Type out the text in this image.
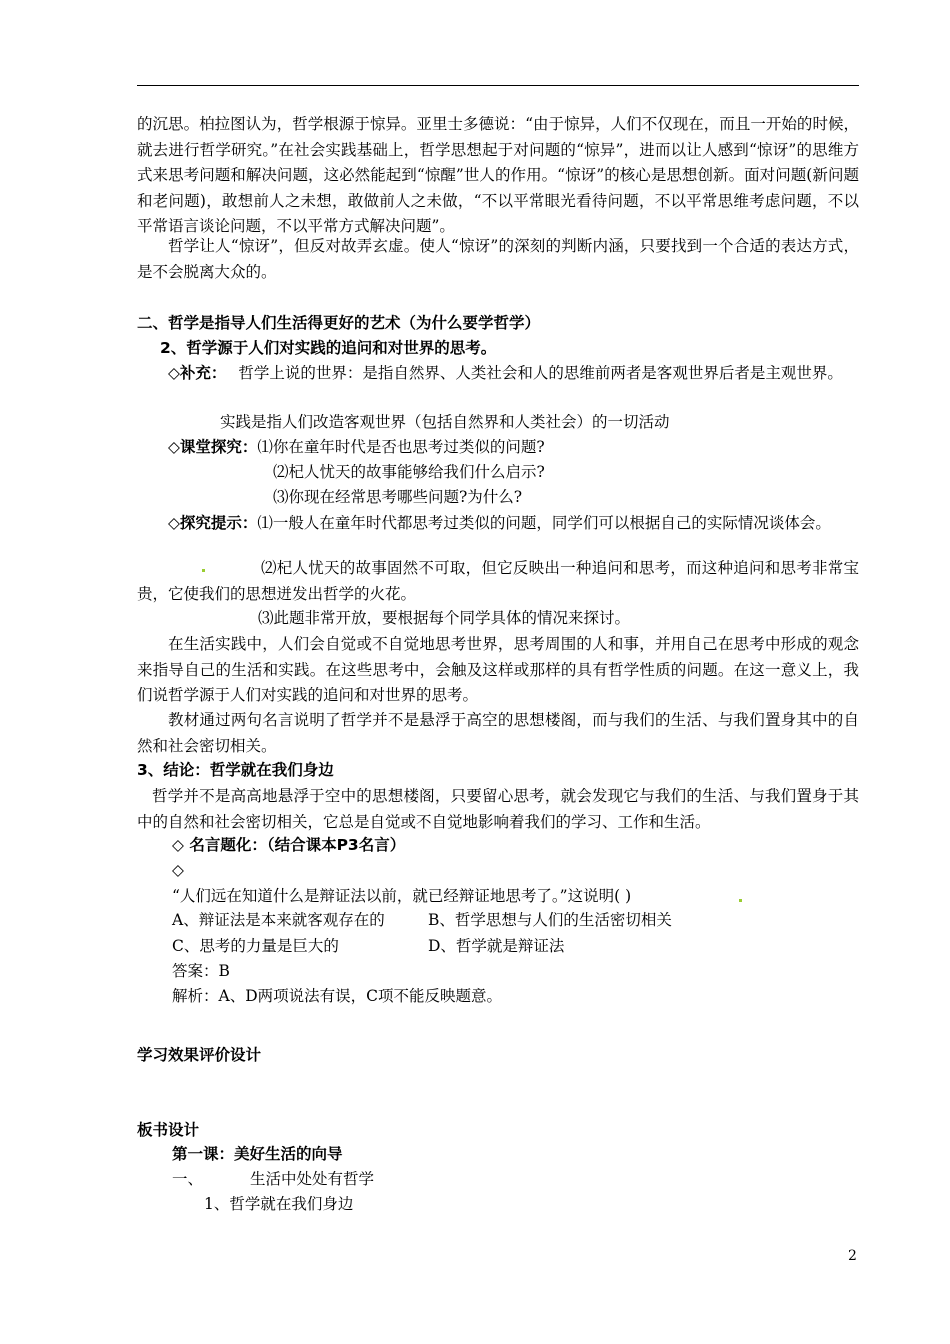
的沉思。柏拉图认为，哲学根源于惊异。亚里士多德说：“由于惊异，人们不仅现在，而且一开始的时候，就去进行哲学研究。”在社会实践基础上，哲学思想起于对问题的“惊异”，进而以让人感到“惊讶”的思维方式来思考问题和解决问题，这必然能起到“惊醒”世人的作用。“惊讶”的核心是思想创新。面对问题(新问题和老问题)，敢想前人之未想，敢做前人之未做，“不以平常眼光看待问题，不以平常思维考虑问题，不以平常语言谈论问题，不以平常方式解决问题”。

哲学让人“惊讶”，但反对故弄玄虚。使人“惊讶”的深刻的判断内涵，只要找到一个合适的表达方式，是不会脱离大众的。

二、哲学是指导人们生活得更好的艺术（为什么要学哲学）

2、哲学源于人们对实践的追问和对世界的思考。

◇补充： 哲学上说的世界：是指自然界、人类社会和人的思维前两者是客观世界后者是主观世界。

实践是指人们改造客观世界（包括自然界和人类社会）的一切活动

◇课堂探究：⑴你在童年时代是否也思考过类似的问题?

⑵杞人忧天的故事能够给我们什么启示?

⑶你现在经常思考哪些问题?为什么?

◇探究提示：⑴一般人在童年时代都思考过类似的问题，同学们可以根据自己的实际情况谈体会。

⑵杞人忧天的故事固然不可取，但它反映出一种追问和思考，而这种追问和思考非常宝贵，它使我们的思想迸发出哲学的火花。

⑶此题非常开放，要根据每个同学具体的情况来探讨。

在生活实践中，人们会自觉或不自觉地思考世界，思考周围的人和事，并用自己在思考中形成的观念来指导自己的生活和实践。在这些思考中，会触及这样或那样的具有哲学性质的问题。在这一意义上，我们说哲学源于人们对实践的追问和对世界的思考。

教材通过两句名言说明了哲学并不是悬浮于高空的思想楼阁，而与我们的生活、与我们置身其中的自然和社会密切相关。

3、结论：哲学就在我们身边

哲学并不是高高地悬浮于空中的思想楼阁，只要留心思考，就会发现它与我们的生活、与我们置身于其中的自然和社会密切相关，它总是自觉或不自觉地影响着我们的学习、工作和生活。

◇ 名言题化：（结合课本P3名言）

◇

“人们远在知道什么是辩证法以前，就已经辩证地思考了。”这说明( )

A、辩证法是本来就客观存在的	B、哲学思想与人们的生活密切相关

C、思考的力量是巨大的	D、哲学就是辩证法

答案：B

解析：A、D两项说法有误，C项不能反映题意。

学习效果评价设计

板书设计

第一课：美好生活的向导

一、	生活中处处有哲学

1、哲学就在我们身边

2
